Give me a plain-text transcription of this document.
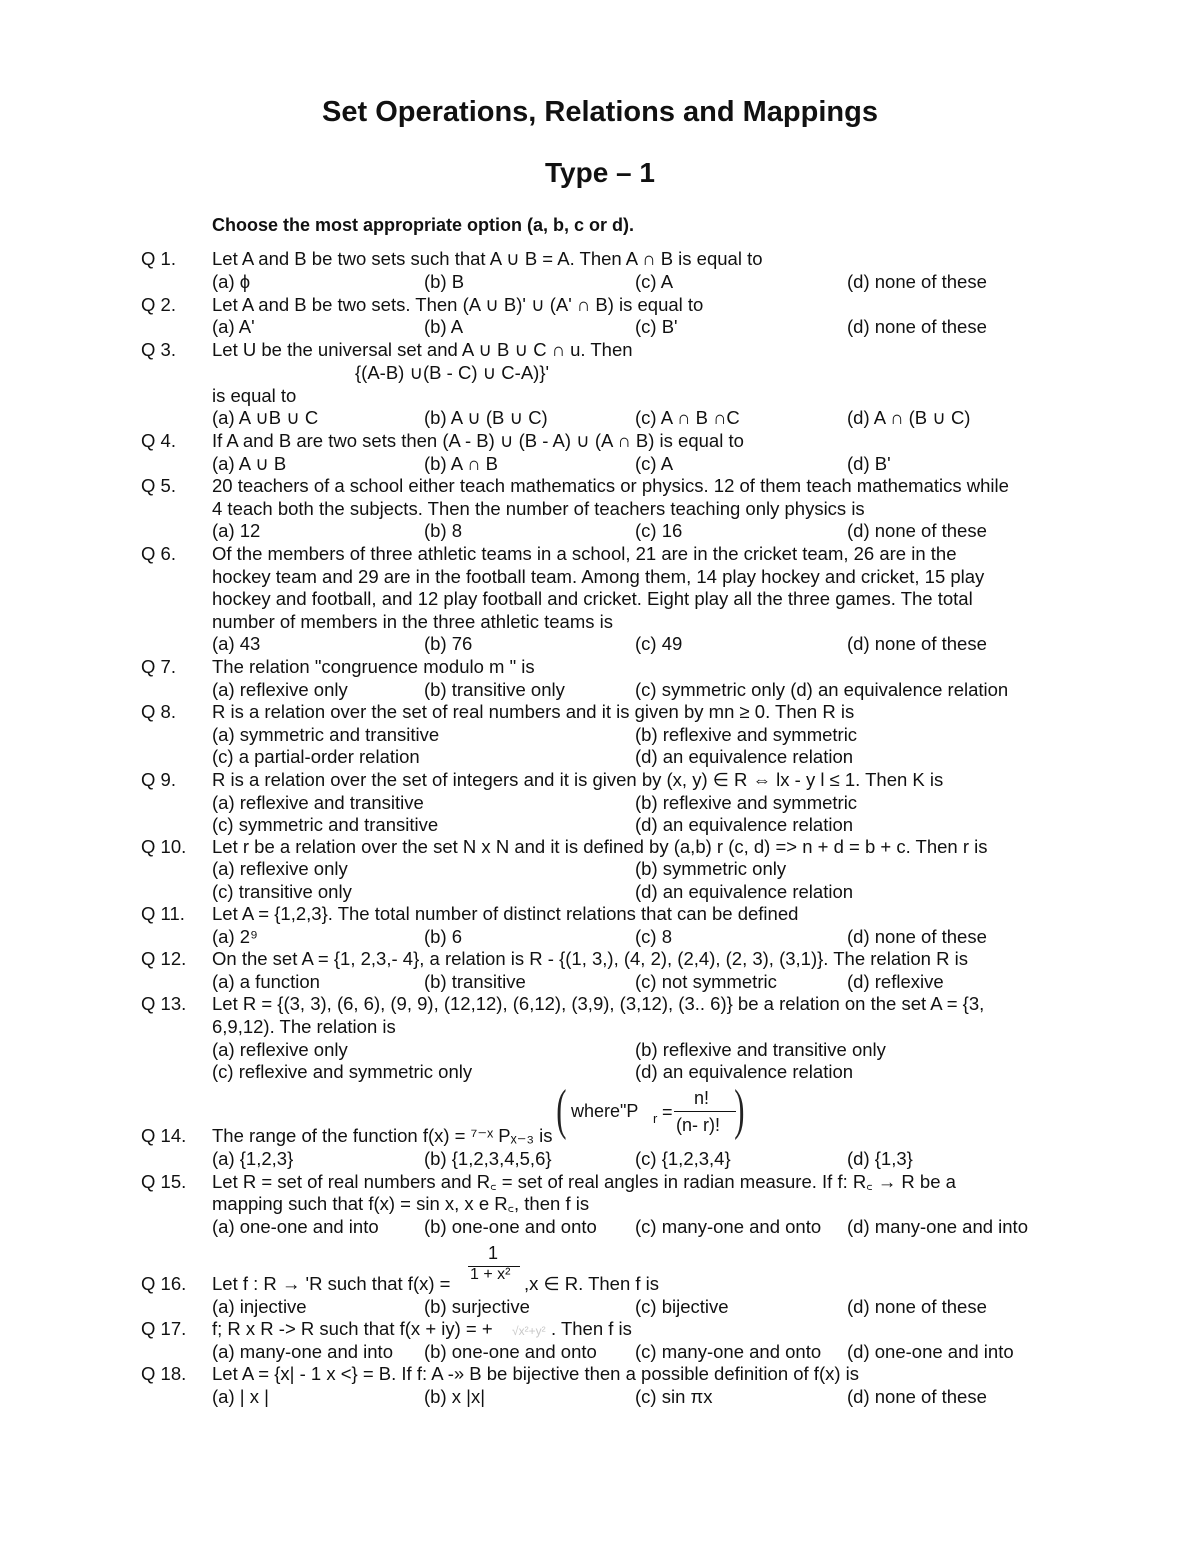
Set Operations, Relations and Mappings
Type – 1
Choose the most appropriate option (a, b, c or d).
Q 1. Let A and B be two sets such that A ∪ B = A. Then A ∩ B is equal to
(a) ϕ	(b) B	(c) A	(d) none of these
Q 2. Let A and B be two sets. Then (A ∪ B)' ∪ (A' ∩ B) is equal to
(a) A'	(b) A	(c) B'	(d) none of these
Q 3. Let U be the universal set and A ∪ B ∪ C ∩ u. Then
{(A-B) ∪(B - C) ∪ C-A)}'
is equal to
(a) A ∪B ∪ C	(b) A ∪ (B ∪ C)	(c) A ∩ B ∩C	(d) A ∩ (B ∪ C)
Q 4. If A and B are two sets then (A - B) ∪ (B - A) ∪ (A ∩ B) is equal to
(a) A ∪ B	(b) A ∩ B	(c) A	(d) B'
Q 5. 20 teachers of a school either teach mathematics or physics. 12 of them teach mathematics while
4 teach both the subjects. Then the number of teachers teaching only physics is
(a) 12	(b) 8	(c) 16	(d) none of these
Q 6. Of the members of three athletic teams in a school, 21 are in the cricket team, 26 are in the
hockey team and 29 are in the football team. Among them, 14 play hockey and cricket, 15 play
hockey and football, and 12 play football and cricket. Eight play all the three games. The total
number of members in the three athletic teams is
(a) 43	(b) 76	(c) 49	(d) none of these
Q 7. The relation "congruence modulo m " is
(a) reflexive only	(b) transitive only	(c) symmetric only (d) an equivalence relation
Q 8. R is a relation over the set of real numbers and it is given by mn ≥ 0. Then R is
(a) symmetric and transitive	(b) reflexive and symmetric
(c) a partial-order relation	(d) an equivalence relation
Q 9. R is a relation over the set of integers and it is given by (x, y) ∈ R ⇔ lx - y l ≤ 1. Then K is
(a) reflexive and transitive	(b) reflexive and symmetric
(c) symmetric and transitive	(d) an equivalence relation
Q 10. Let r be a relation over the set N x N and it is defined by (a,b) r (c, d) => n + d = b + c. Then r is
(a) reflexive only	(b) symmetric only
(c) transitive only	(d) an equivalence relation
Q 11. Let A = {1,2,3}. The total number of distinct relations that can be defined
(a) 2⁹	(b) 6	(c) 8	(d) none of these
Q 12. On the set A = {1, 2,3,- 4}, a relation is R - {(1, 3,), (4, 2), (2,4), (2, 3), (3,1)}. The relation R is
(a) a function	(b) transitive	(c) not symmetric	(d) reflexive
Q 13. Let R = {(3, 3), (6, 6), (9, 9), (12,12), (6,12), (3,9), (3,12), (3.. 6)} be a relation on the set A = {3,
6,9,12). The relation is
(a) reflexive only	(b) reflexive and transitive only
(c) reflexive and symmetric only	(d) an equivalence relation
( where"P r =
n!
(n- r)! )
Q 14. The range of the function f(x) = ⁷⁻ˣ Pₓ₋₃ is
(a) {1,2,3}	(b) {1,2,3,4,5,6}	(c) {1,2,3,4}	(d) {1,3}
Q 15. Let R = set of real numbers and R꜀ = set of real angles in radian measure. If f: R꜀ → R be a
mapping such that f(x) = sin x, x e R꜀, then f is
(a) one-one and into (b) one-one and onto (c) many-one and onto (d) many-one and into
1
1 + x²
Q 16. Let f : R → 'R such that f(x) =	,x ∈ R. Then f is
(a) injective	(b) surjective	(c) bijective	(d) none of these
Q 17. f; R x R -> R such that f(x + iy) = + √x²+y² . Then f is
(a) many-one and into (b) one-one and onto (c) many-one and onto (d) one-one and into
Q 18. Let A = {x| - 1 x <} = B. If f: A -» B be bijective then a possible definition of f(x) is
(a) | x |	(b) x |x|	(c) sin πx	(d) none of these
